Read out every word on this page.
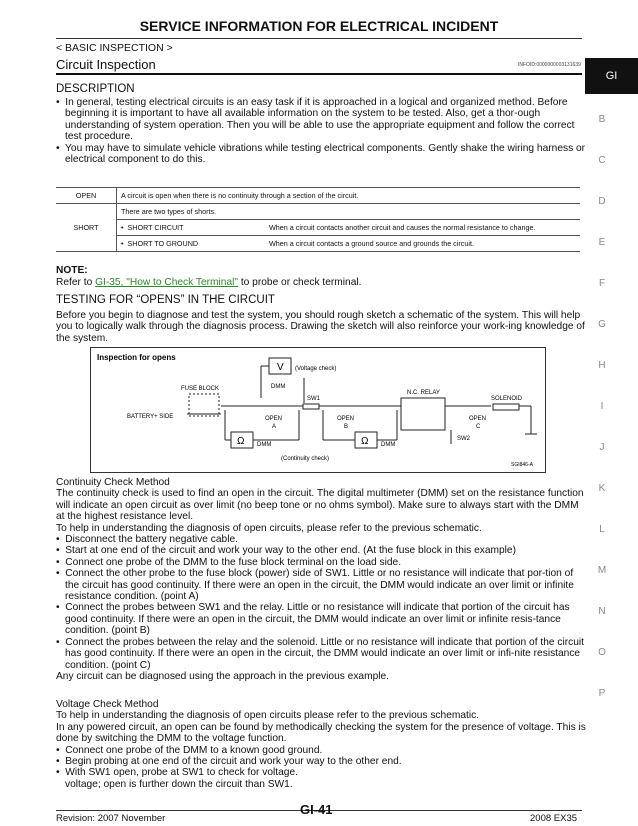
SERVICE INFORMATION FOR ELECTRICAL INCIDENT
< BASIC INSPECTION >
Circuit Inspection	INFOID:0000000003131639
GI
B
C
D
E
F
G
H
I
J
K
L
M
N
O
P
DESCRIPTION

•  In general, testing electrical circuits is an easy task if it is approached in a logical and organized method. Before beginning it is important to have all available information on the system to be tested. Also, get a thor-ough understanding of system operation. Then you will be able to use the appropriate equipment and follow the correct test procedure.

•  You may have to simulate vehicle vibrations while testing electrical components. Gently shake the wiring harness or electrical component to do this.

OPEN	A circuit is open when there is no continuity through a section of the circuit.	
SHORT	There are two types of shorts.	
	•  SHORT CIRCUIT	When a circuit contacts another circuit and causes the normal resistance to change.
	•  SHORT TO GROUND	When a circuit contacts a ground source and grounds the circuit.
NOTE:
Refer to GI-35, "How to Check Terminal" to probe or check terminal.
TESTING FOR “OPENS” IN THE CIRCUIT
Before you begin to diagnose and test the system, you should rough sketch a schematic of the system. This will help you to logically walk through the diagnosis process. Drawing the sketch will also reinforce your work-ing knowledge of the system.
Inspection for opens
V (Voltage check)
DMM
FUSE BLOCK
BATTERY+ SIDE
SW1
N.C. RELAY
SOLENOID
SW2
OPEN
A
OPEN
B
OPEN
C
Ω DMM	Ω DMM
(Continuity check)
SGI846-A

Continuity Check Method

The continuity check is used to find an open in the circuit. The digital multimeter (DMM) set on the resistance function will indicate an open circuit as over limit (no beep tone or no ohms symbol). Make sure to always start with the DMM at the highest resistance level.

To help in understanding the diagnosis of open circuits, please refer to the previous schematic.

•  Disconnect the battery negative cable.

•  Start at one end of the circuit and work your way to the other end. (At the fuse block in this example)

•  Connect one probe of the DMM to the fuse block terminal on the load side.

•  Connect the other probe to the fuse block (power) side of SW1. Little or no resistance will indicate that por-tion of the circuit has good continuity. If there were an open in the circuit, the DMM would indicate an over limit or infinite resistance condition. (point A)

•  Connect the probes between SW1 and the relay. Little or no resistance will indicate that portion of the circuit has good continuity. If there were an open in the circuit, the DMM would indicate an over limit or infinite resis-tance condition. (point B)

•  Connect the probes between the relay and the solenoid. Little or no resistance will indicate that portion of the circuit has good continuity. If there were an open in the circuit, the DMM would indicate an over limit or infi-nite resistance condition. (point C)

Any circuit can be diagnosed using the approach in the previous example.

Voltage Check Method

To help in understanding the diagnosis of open circuits please refer to the previous schematic.

In any powered circuit, an open can be found by methodically checking the system for the presence of voltage. This is done by switching the DMM to the voltage function.

•  Connect one probe of the DMM to a known good ground.

•  Begin probing at one end of the circuit and work your way to the other end.

•  With SW1 open, probe at SW1 to check for voltage.

voltage; open is further down the circuit than SW1.

Revision: 2007 November
GI-41
2008 EX35
